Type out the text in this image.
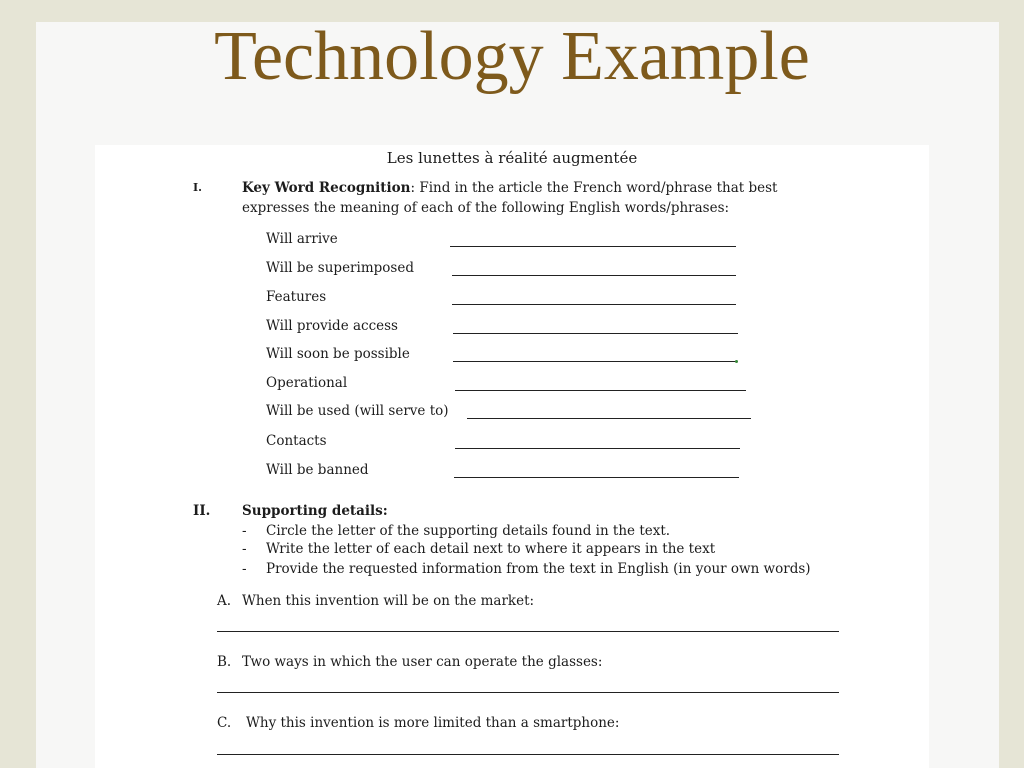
Technology Example
Les lunettes à réalité augmentée
I.	Key Word Recognition: Find in the article the French word/phrase that best
expresses the meaning of each of the following English words/phrases:
Will arrive
Will be superimposed
Features
Will provide access
Will soon be possible
Operational
Will be used (will serve to)
Contacts
Will be banned
II. Supporting details:
- Circle the letter of the supporting details found in the text.
- Write the letter of each detail next to where it appears in the text
- Provide the requested information from the text in English (in your own words)
A. When this invention will be on the market:
B. Two ways in which the user can operate the glasses:
C. Why this invention is more limited than a smartphone:
